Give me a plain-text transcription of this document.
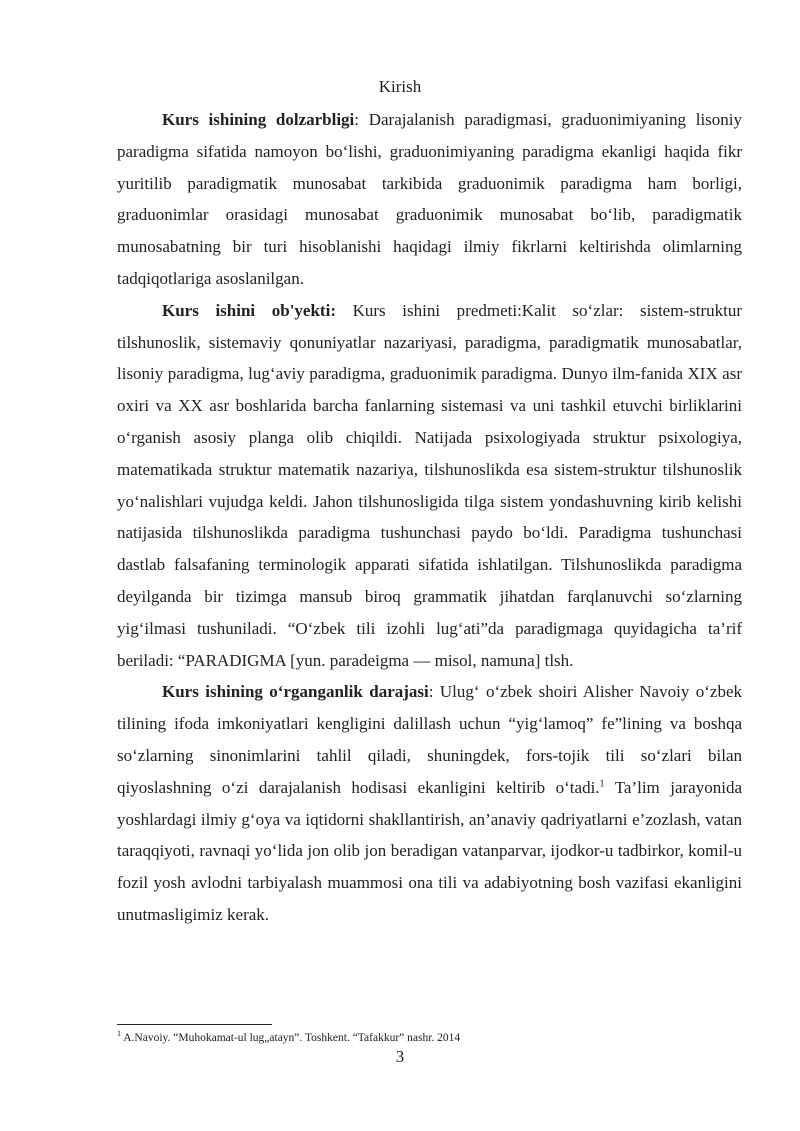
Kirish

Kurs ishining dolzarbligi: Darajalanish paradigmasi, graduonimiyaning lisoniy paradigma sifatida namoyon bo‘lishi, graduonimiyaning paradigma ekanligi haqida fikr yuritilib paradigmatik munosabat tarkibida graduonimik paradigma ham borligi, graduonimlar orasidagi munosabat graduonimik munosabat bo‘lib, paradigmatik munosabatning bir turi hisoblanishi haqidagi ilmiy fikrlarni keltirishda olimlarning tadqiqotlariga asoslanilgan.

Kurs ishini ob'yekti: Kurs ishini predmeti:Kalit so‘zlar: sistem-struktur tilshunoslik, sistemaviy qonuniyatlar nazariyasi, paradigma, paradigmatik munosabatlar, lisoniy paradigma, lug‘aviy paradigma, graduonimik paradigma. Dunyo ilm-fanida XIX asr oxiri va XX asr boshlarida barcha fanlarning sistemasi va uni tashkil etuvchi birliklarini o‘rganish asosiy planga olib chiqildi. Natijada psixologiyada struktur psixologiya, matematikada struktur matematik nazariya, tilshunoslikda esa sistem-struktur tilshunoslik yo‘nalishlari vujudga keldi. Jahon tilshunosligida tilga sistem yondashuvning kirib kelishi natijasida tilshunoslikda paradigma tushunchasi paydo bo‘ldi. Paradigma tushunchasi dastlab falsafaning terminologik apparati sifatida ishlatilgan. Tilshunoslikda paradigma deyilganda bir tizimga mansub biroq grammatik jihatdan farqlanuvchi so‘zlarning yig‘ilmasi tushuniladi. “O‘zbek tili izohli lug‘ati”da paradigmaga quyidagicha ta’rif beriladi: “PARADIGMA [yun. paradeigma — misol, namuna] tlsh.

Kurs ishining o‘rganganlik darajasi: Ulug‘ o‘zbek shoiri Alisher Navoiy o‘zbek tilining ifoda imkoniyatlari kengligini dalillash uchun “yig‘lamoq” fe”lining va boshqa so‘zlarning sinonimlarini tahlil qiladi, shuningdek, fors-tojik tili so‘zlari bilan qiyoslashning o‘zi darajalanish hodisasi ekanligini keltirib o‘tadi.$^1$ Ta’lim jarayonida yoshlardagi ilmiy g‘oya va iqtidorni shakllantirish, an’anaviy qadriyatlarni e’zozlash, vatan taraqqiyoti, ravnaqi yo‘lida jon olib jon beradigan vatanparvar, ijodkor-u tadbirkor, komil-u fozil yosh avlodni tarbiyalash muammosi ona tili va adabiyotning bosh vazifasi ekanligini unutmasligimiz kerak.

$^1$ A.Navoiy. “Muhokamat-ul lug„atayn”. Toshkent. “Tafakkur” nashr. 2014
3
